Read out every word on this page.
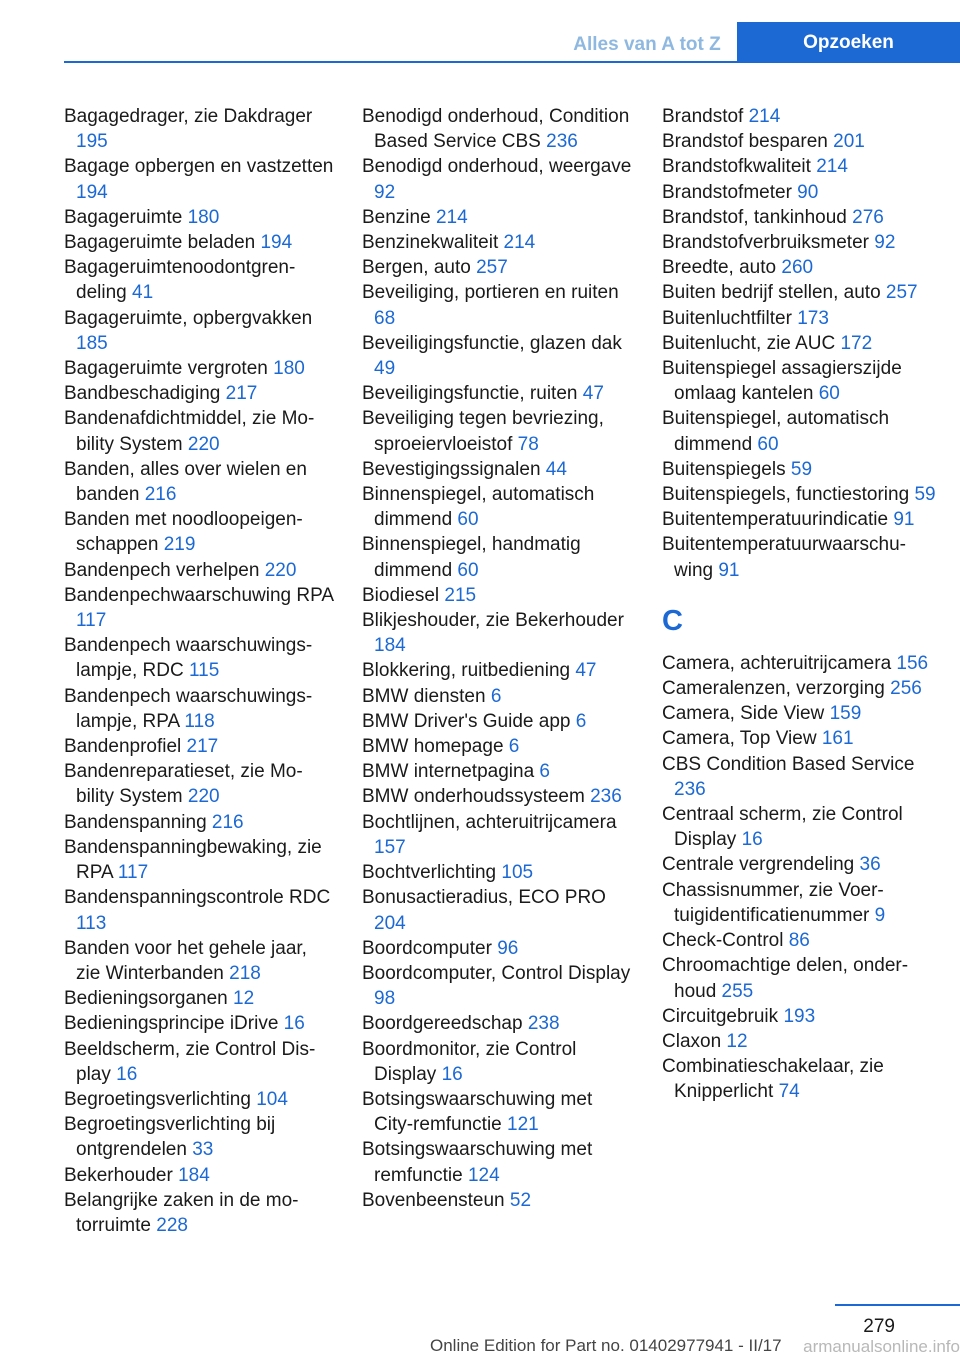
Alles van A tot Z	Opzoeken
Bagagedrager, zie Dakdrager 195
Bagage opbergen en vastzetten 194
Bagageruimte 180
Bagageruimte beladen 194
Bagageruimtenoodontgrendeling 41
Bagageruimte, opbergvakken 185
Bagageruimte vergroten 180
Bandbeschadiging 217
Bandenafdichtmiddel, zie Mobility System 220
Banden, alles over wielen en banden 216
Banden met noodloopeigenschappen 219
Bandenpech verhelpen 220
Bandenpechwaarschuwing RPA 117
Bandenpech waarschuwingslampje, RDC 115
Bandenpech waarschuwingslampje, RPA 118
Bandenprofiel 217
Bandenreparatieset, zie Mobility System 220
Bandenspanning 216
Bandenspanningbewaking, zie RPA 117
Bandenspanningscontrole RDC 113
Banden voor het gehele jaar, zie Winterbanden 218
Bedieningsorganen 12
Bedieningsprincipe iDrive 16
Beeldscherm, zie Control Display 16
Begroetingsverlichting 104
Begroetingsverlichting bij ontgrendelen 33
Bekerhouder 184
Belangrijke zaken in de motorruimte 228
Benodigd onderhoud, Condition Based Service CBS 236
Benodigd onderhoud, weergave 92
Benzine 214
Benzinekwaliteit 214
Bergen, auto 257
Beveiliging, portieren en ruiten 68
Beveiligingsfunctie, glazen dak 49
Beveiligingsfunctie, ruiten 47
Beveiliging tegen bevriezing, sproeiervloeistof 78
Bevestigingssignalen 44
Binnenspiegel, automatisch dimmend 60
Binnenspiegel, handmatig dimmend 60
Biodiesel 215
Blikjeshouder, zie Bekerhouder 184
Blokkering, ruitbediening 47
BMW diensten 6
BMW Driver's Guide app 6
BMW homepage 6
BMW internetpagina 6
BMW onderhoudssysteem 236
Bochtlijnen, achteruitrijcamera 157
Bochtverlichting 105
Bonusactieradius, ECO PRO 204
Boordcomputer 96
Boordcomputer, Control Display 98
Boordgereedschap 238
Boordmonitor, zie Control Display 16
Botsingswaarschuwing met City-remfunctie 121
Botsingswaarschuwing met remfunctie 124
Bovenbeensteun 52
Brandstof 214
Brandstof besparen 201
Brandstofkwaliteit 214
Brandstofmeter 90
Brandstof, tankinhoud 276
Brandstofverbruiksmeter 92
Breedte, auto 260
Buiten bedrijf stellen, auto 257
Buitenluchtfilter 173
Buitenlucht, zie AUC 172
Buitenspiegel assagierszijde omlaag kantelen 60
Buitenspiegel, automatisch dimmend 60
Buitenspiegels 59
Buitenspiegels, functiestoring 59
Buitentemperatuurindicatie 91
Buitentemperatuurwaarschuwing 91
C
Camera, achteruitrijcamera 156
Cameralenzen, verzorging 256
Camera, Side View 159
Camera, Top View 161
CBS Condition Based Service 236
Centraal scherm, zie Control Display 16
Centrale vergrendeling 36
Chassisnummer, zie Voertuigidentificatienummer 9
Check-Control 86
Chroomachtige delen, onderhoud 255
Circuitgebruik 193
Claxon 12
Combinatieschakelaar, zie Knipperlicht 74
279
Online Edition for Part no. 01402977941 - II/17	armanualsonline.info
